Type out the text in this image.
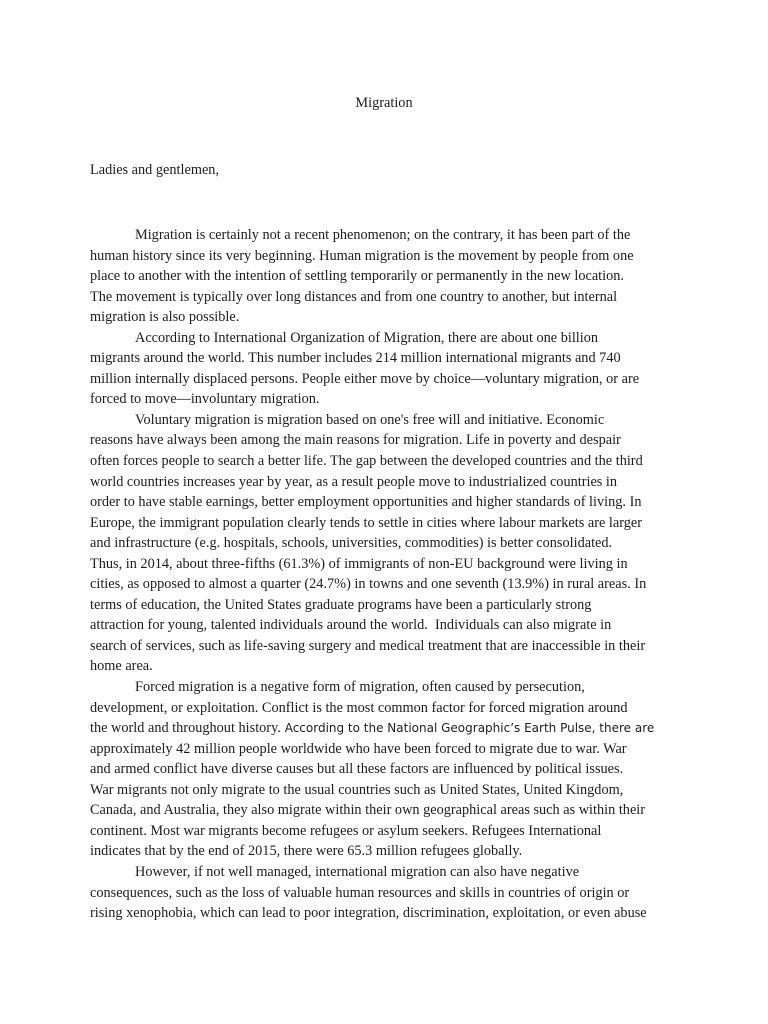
Migration
Ladies and gentlemen,
Migration is certainly not a recent phenomenon; on the contrary, it has been part of the
human history since its very beginning. Human migration is the movement by people from one
place to another with the intention of settling temporarily or permanently in the new location.
The movement is typically over long distances and from one country to another, but internal
migration is also possible.
According to International Organization of Migration, there are about one billion
migrants around the world. This number includes 214 million international migrants and 740
million internally displaced persons. People either move by choice—voluntary migration, or are
forced to move—involuntary migration.
Voluntary migration is migration based on one's free will and initiative. Economic
reasons have always been among the main reasons for migration. Life in poverty and despair
often forces people to search a better life. The gap between the developed countries and the third
world countries increases year by year, as a result people move to industrialized countries in
order to have stable earnings, better employment opportunities and higher standards of living. In
Europe, the immigrant population clearly tends to settle in cities where labour markets are larger
and infrastructure (e.g. hospitals, schools, universities, commodities) is better consolidated.
Thus, in 2014, about three-fifths (61.3%) of immigrants of non-EU background were living in
cities, as opposed to almost a quarter (24.7%) in towns and one seventh (13.9%) in rural areas. In
terms of education, the United States graduate programs have been a particularly strong
attraction for young, talented individuals around the world.  Individuals can also migrate in
search of services, such as life-saving surgery and medical treatment that are inaccessible in their
home area.
Forced migration is a negative form of migration, often caused by persecution,
development, or exploitation. Conflict is the most common factor for forced migration around
the world and throughout history. According to the National Geographic’s Earth Pulse, there are
approximately 42 million people worldwide who have been forced to migrate due to war. War
and armed conflict have diverse causes but all these factors are influenced by political issues.
War migrants not only migrate to the usual countries such as United States, United Kingdom,
Canada, and Australia, they also migrate within their own geographical areas such as within their
continent. Most war migrants become refugees or asylum seekers. Refugees International
indicates that by the end of 2015, there were 65.3 million refugees globally.
However, if not well managed, international migration can also have negative
consequences, such as the loss of valuable human resources and skills in countries of origin or
rising xenophobia, which can lead to poor integration, discrimination, exploitation, or even abuse
